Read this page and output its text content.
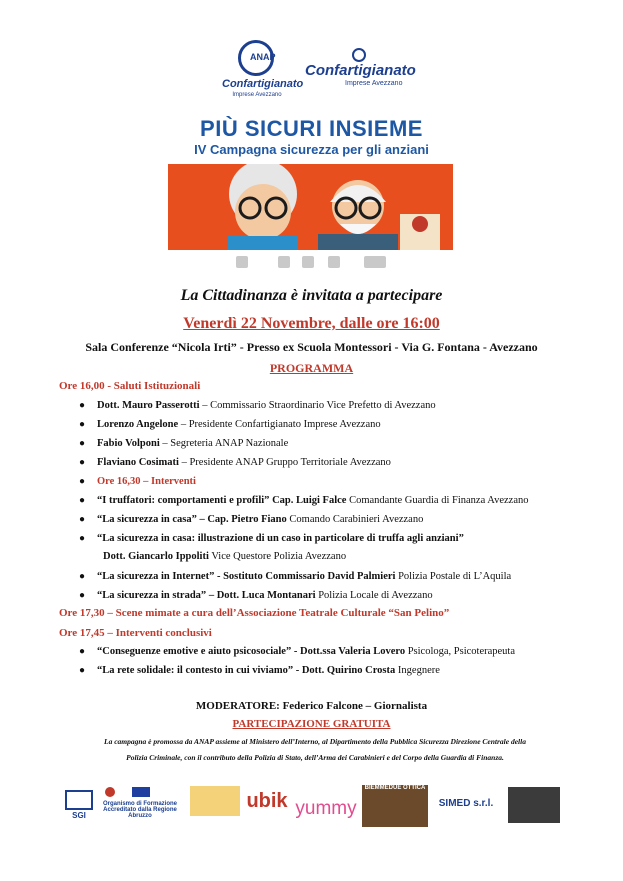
ANAP
Confartigianato
Imprese Avezzano
Confartigianato
Imprese Avezzano
PIÙ SICURI INSIEME
IV Campagna sicurezza per gli anziani
La Cittadinanza è invitata a partecipare
Venerdì 22 Novembre, dalle ore 16:00
Sala Conferenze “Nicola Irti” - Presso ex Scuola Montessori - Via G. Fontana - Avezzano
PROGRAMMA
Ore 16,00 - Saluti Istituzionali
● Dott. Mauro Passerotti – Commissario Straordinario Vice Prefetto di Avezzano
● Lorenzo Angelone – Presidente Confartigianato Imprese Avezzano
● Fabio Volponi – Segreteria ANAP Nazionale
● Flaviano Cosimati – Presidente ANAP Gruppo Territoriale Avezzano
● Ore 16,30 – Interventi
● “I truffatori: comportamenti e profili” Cap. Luigi Falce Comandante Guardia di Finanza Avezzano
● “La sicurezza in casa” – Cap. Pietro Fiano Comando Carabinieri Avezzano
● “La sicurezza in casa: illustrazione di un caso in particolare di truffa agli anziani”
Dott. Giancarlo Ippoliti Vice Questore Polizia Avezzano
● “La sicurezza in Internet” - Sostituto Commissario David Palmieri Polizia Postale di L’Aquila
● “La sicurezza in strada” – Dott. Luca Montanari Polizia Locale di Avezzano
Ore 17,30 – Scene mimate a cura dell’Associazione Teatrale Culturale “San Pelino”
Ore 17,45 – Interventi conclusivi
● “Conseguenze emotive e aiuto psicosociale” - Dott.ssa Valeria Lovero Psicologa, Psicoterapeuta
● “La rete solidale: il contesto in cui viviamo” - Dott. Quirino Crosta Ingegnere
MODERATORE: Federico Falcone – Giornalista
PARTECIPAZIONE GRATUITA
La campagna è promossa da ANAP assieme al Ministero dell’Interno, al Dipartimento della Pubblica Sicurezza Direzione Centrale della
Polizia Criminale, con il contributo della Polizia di Stato, dell’Arma dei Carabinieri e del Corpo della Guardia di Finanza.
SGI
Organismo di Formazione Accreditato dalla Regione Abruzzo
ubik yummy
BIEMMEDUE OTTICA
SIMED s.r.l.
